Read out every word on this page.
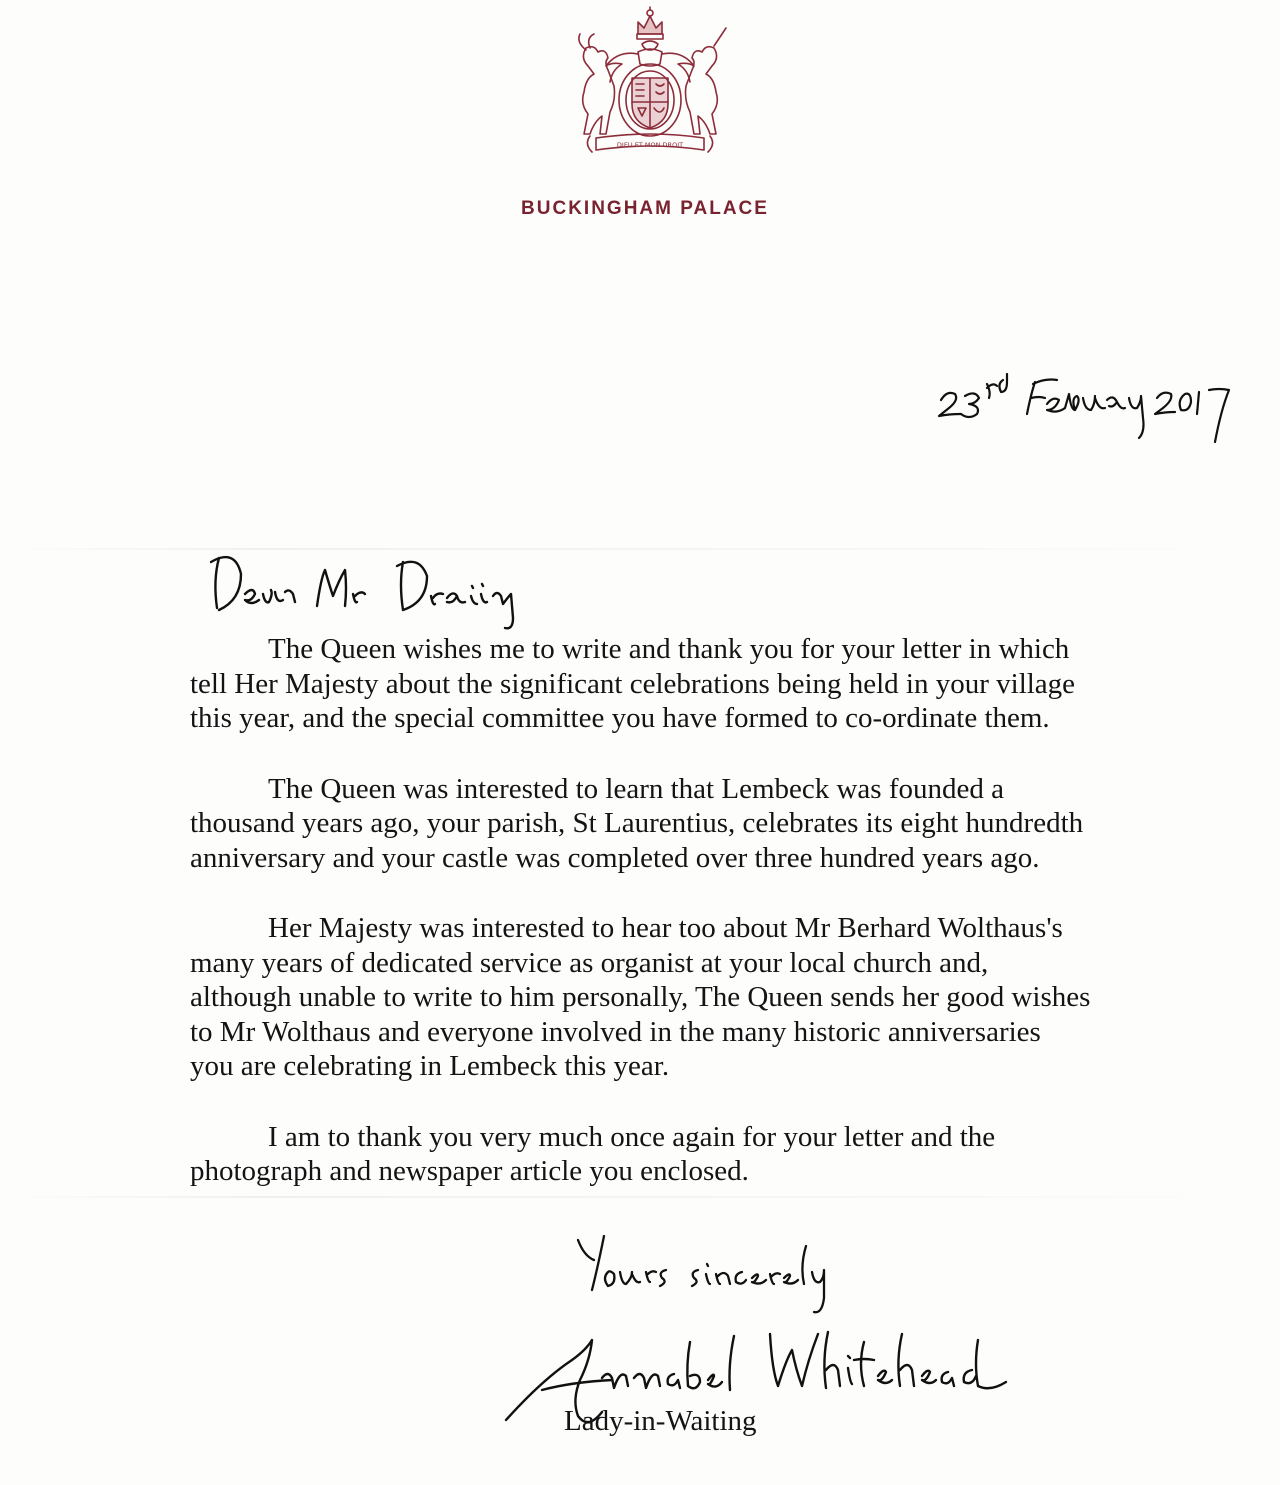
DIEU ET MON DROIT
BUCKINGHAM PALACE

The Queen wishes me to write and thank you for your letter in which
tell Her Majesty about the significant celebrations being held in your village
this year, and the special committee you have formed to co-ordinate them.

The Queen was interested to learn that Lembeck was founded a
thousand years ago, your parish, St Laurentius, celebrates its eight hundredth
anniversary and your castle was completed over three hundred years ago.

Her Majesty was interested to hear too about Mr Berhard Wolthaus's
many years of dedicated service as organist at your local church and,
although unable to write to him personally, The Queen sends her good wishes
to Mr Wolthaus and everyone involved in the many historic anniversaries
you are celebrating in Lembeck this year.

I am to thank you very much once again for your letter and the
photograph and newspaper article you enclosed.

Lady-in-Waiting
